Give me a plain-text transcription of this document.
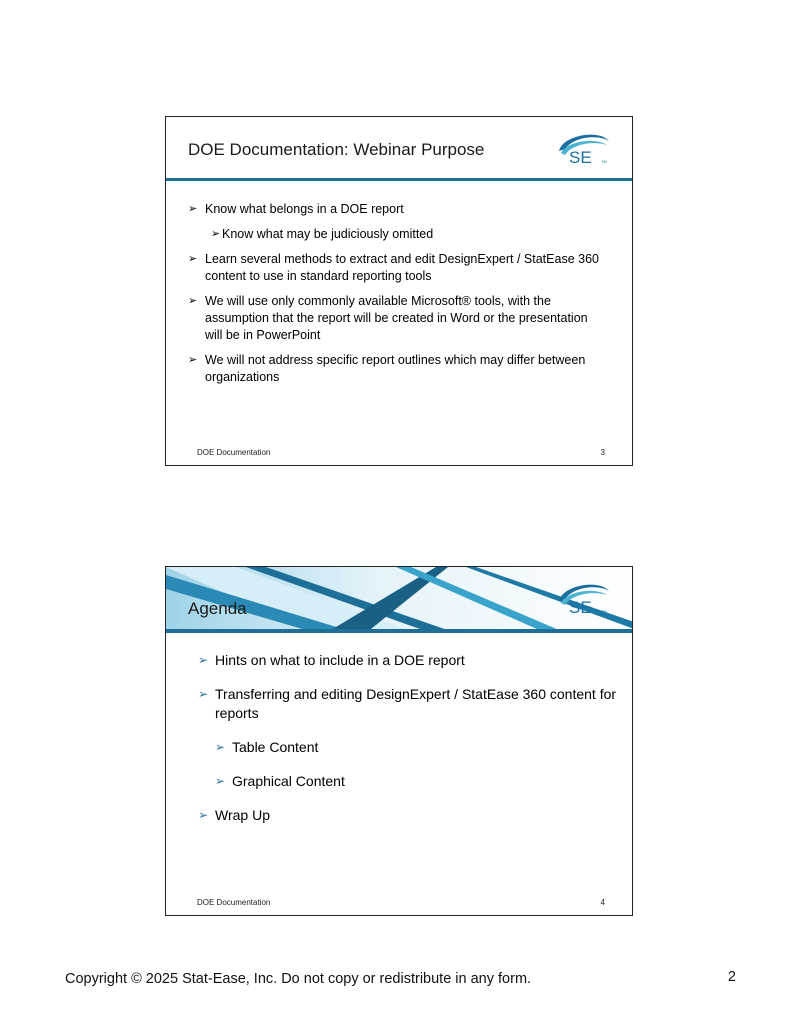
DOE Documentation: Webinar Purpose	SE TM
➢ Know what belongs in a DOE report
➢ Know what may be judiciously omitted
➢ Learn several methods to extract and edit DesignExpert / StatEase 360 content to use in standard reporting tools
➢ We will use only commonly available Microsoft® tools, with the assumption that the report will be created in Word or the presentation will be in PowerPoint
➢ We will not address specific report outlines which may differ between organizations
DOE Documentation	3
Agenda	SE TM
➢ Hints on what to include in a DOE report
➢ Transferring and editing DesignExpert / StatEase 360 content for reports
➢ Table Content
➢ Graphical Content
➢ Wrap Up
DOE Documentation	4
Copyright © 2025 Stat-Ease, Inc. Do not copy or redistribute in any form.	2
